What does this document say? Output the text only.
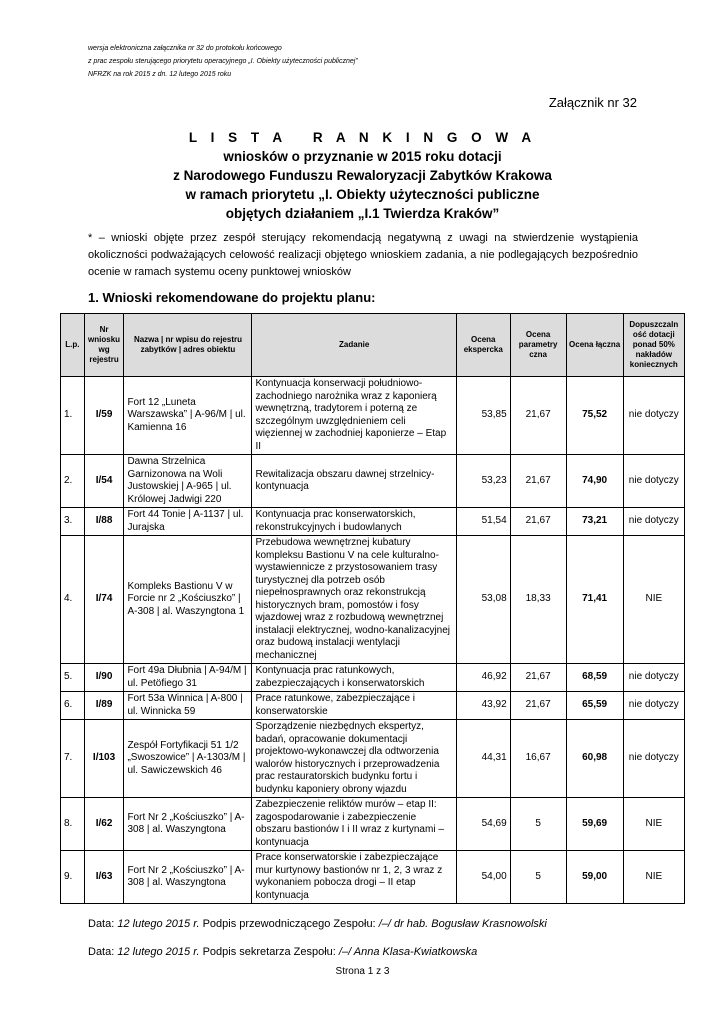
wersja elektroniczna załącznika nr 32 do protokołu końcowego
z prac zespołu sterującego priorytetu operacyjnego „I. Obiekty użyteczności publicznej”
NFRZK na rok 2015 z dn. 12 lutego 2015 roku
Załącznik nr 32
L I S T A   R A N K I N G O W A
wniosków o przyznanie w 2015 roku dotacji
z Narodowego Funduszu Rewaloryzacji Zabytków Krakowa
w ramach priorytetu „I. Obiekty użyteczności publiczne
objętych działaniem „I.1 Twierdza Kraków”
* – wnioski objęte przez zespół sterujący rekomendacją negatywną z uwagi na stwierdzenie wystąpienia okoliczności podważających celowość realizacji objętego wnioskiem zadania, a nie podlegających bezpośrednio ocenie w ramach systemu oceny punktowej wniosków
1. Wnioski rekomendowane do projektu planu:
L.p.	Nr wniosku wg rejestru	Nazwa | nr wpisu do rejestru zabytków | adres obiektu	Zadanie	Ocena ekspercka	Ocena parametry czna	Ocena łączna	Dopuszczaln ość dotacji ponad 50% nakładów koniecznych
1.	I/59	Fort 12 „Luneta Warszawska” | A-96/M | ul. Kamienna 16	Kontynuacja konserwacji południowo-zachodniego narożnika wraz z kaponierą wewnętrzną, tradytorem i poterną ze szczególnym uwzględnieniem celi więziennej w zachodniej kaponierze – Etap II	53,85	21,67	75,52	nie dotyczy
2.	I/54	Dawna Strzelnica Garnizonowa na Woli Justowskiej | A-965 | ul. Królowej Jadwigi 220	Rewitalizacja obszaru dawnej strzelnicy- kontynuacja	53,23	21,67	74,90	nie dotyczy
3.	I/88	Fort 44 Tonie | A-1137 | ul. Jurajska	Kontynuacja prac konserwatorskich, rekonstrukcyjnych i budowlanych	51,54	21,67	73,21	nie dotyczy
4.	I/74	Kompleks Bastionu V w Forcie nr 2 „Kościuszko” | A-308 | al. Waszyngtona 1	Przebudowa wewnętrznej kubatury kompleksu Bastionu V na cele kulturalno-wystawiennicze z przystosowaniem trasy turystycznej dla potrzeb osób niepełnosprawnych oraz rekonstrukcją historycznych bram, pomostów i fosy wjazdowej wraz z rozbudową wewnętrznej instalacji elektrycznej, wodno-kanalizacyjnej oraz budową instalacji wentylacji mechanicznej	53,08	18,33	71,41	NIE
5.	I/90	Fort 49a Dłubnia | A-94/M | ul. Petöfiego 31	Kontynuacja prac ratunkowych, zabezpieczających i konserwatorskich	46,92	21,67	68,59	nie dotyczy
6.	I/89	Fort 53a Winnica | A-800 | ul. Winnicka 59	Prace ratunkowe, zabezpieczające i konserwatorskie	43,92	21,67	65,59	nie dotyczy
7.	I/103	Zespół Fortyfikacji 51 1/2 „Swoszowice” | A-1303/M | ul. Sawiczewskich 46	Sporządzenie niezbędnych ekspertyz, badań, opracowanie dokumentacji projektowo-wykonawczej dla odtworzenia walorów historycznych i przeprowadzenia prac restauratorskich budynku fortu i budynku kaponiery obrony wjazdu	44,31	16,67	60,98	nie dotyczy
8.	I/62	Fort Nr 2 „Kościuszko” | A-308 | al. Waszyngtona	Zabezpieczenie reliktów murów – etap II: zagospodarowanie i zabezpieczenie obszaru bastionów I i II wraz z kurtynami – kontynuacja	54,69	5	59,69	NIE
9.	I/63	Fort Nr 2 „Kościuszko” | A-308 | al. Waszyngtona	Prace konserwatorskie i zabezpieczające mur kurtynowy bastionów nr 1, 2, 3 wraz z wykonaniem pobocza drogi – II etap kontynuacja	54,00	5	59,00	NIE
Data: 12 lutego 2015 r. Podpis przewodniczącego Zespołu: /–/ dr hab. Bogusław Krasnowolski
Data: 12 lutego 2015 r. Podpis sekretarza Zespołu: /–/ Anna Klasa-Kwiatkowska
Strona 1 z 3
